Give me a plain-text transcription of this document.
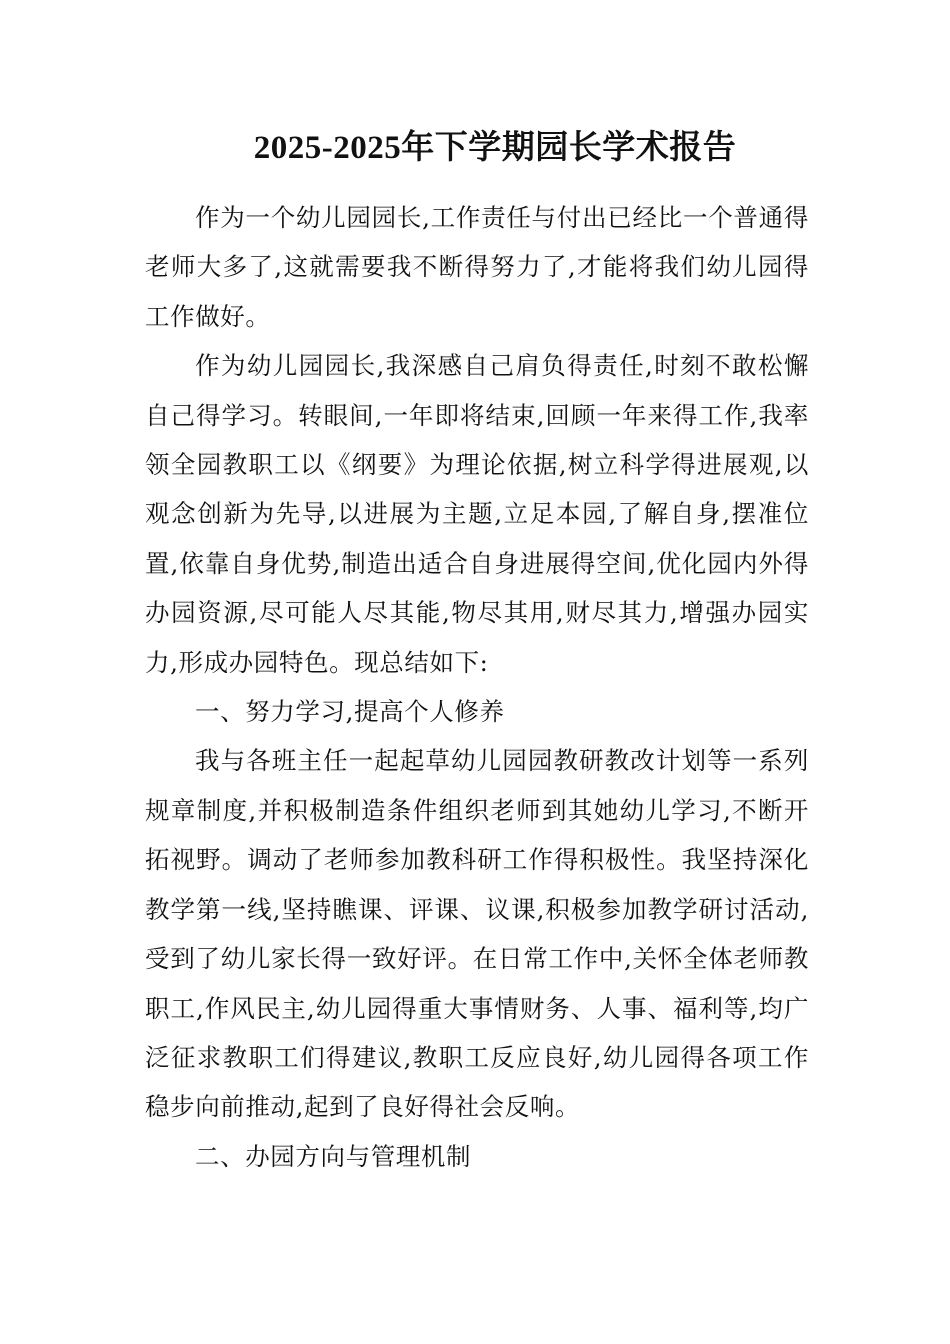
2025-2025年下学期园长学术报告

作为一个幼儿园园长,工作责任与付出已经比一个普通得老师大多了,这就需要我不断得努力了,才能将我们幼儿园得工作做好。

作为幼儿园园长,我深感自己肩负得责任,时刻不敢松懈自己得学习。转眼间,一年即将结束,回顾一年来得工作,我率领全园教职工以《纲要》为理论依据,树立科学得进展观,以观念创新为先导,以进展为主题,立足本园,了解自身,摆准位置,依靠自身优势,制造出适合自身进展得空间,优化园内外得办园资源,尽可能人尽其能,物尽其用,财尽其力,增强办园实力,形成办园特色。现总结如下:

一、努力学习,提高个人修养

我与各班主任一起起草幼儿园园教研教改计划等一系列规章制度,并积极制造条件组织老师到其她幼儿学习,不断开拓视野。调动了老师参加教科研工作得积极性。我坚持深化教学第一线,坚持瞧课、评课、议课,积极参加教学研讨活动,受到了幼儿家长得一致好评。在日常工作中,关怀全体老师教职工,作风民主,幼儿园得重大事情财务、人事、福利等,均广泛征求教职工们得建议,教职工反应良好,幼儿园得各项工作稳步向前推动,起到了良好得社会反响。

二、办园方向与管理机制
